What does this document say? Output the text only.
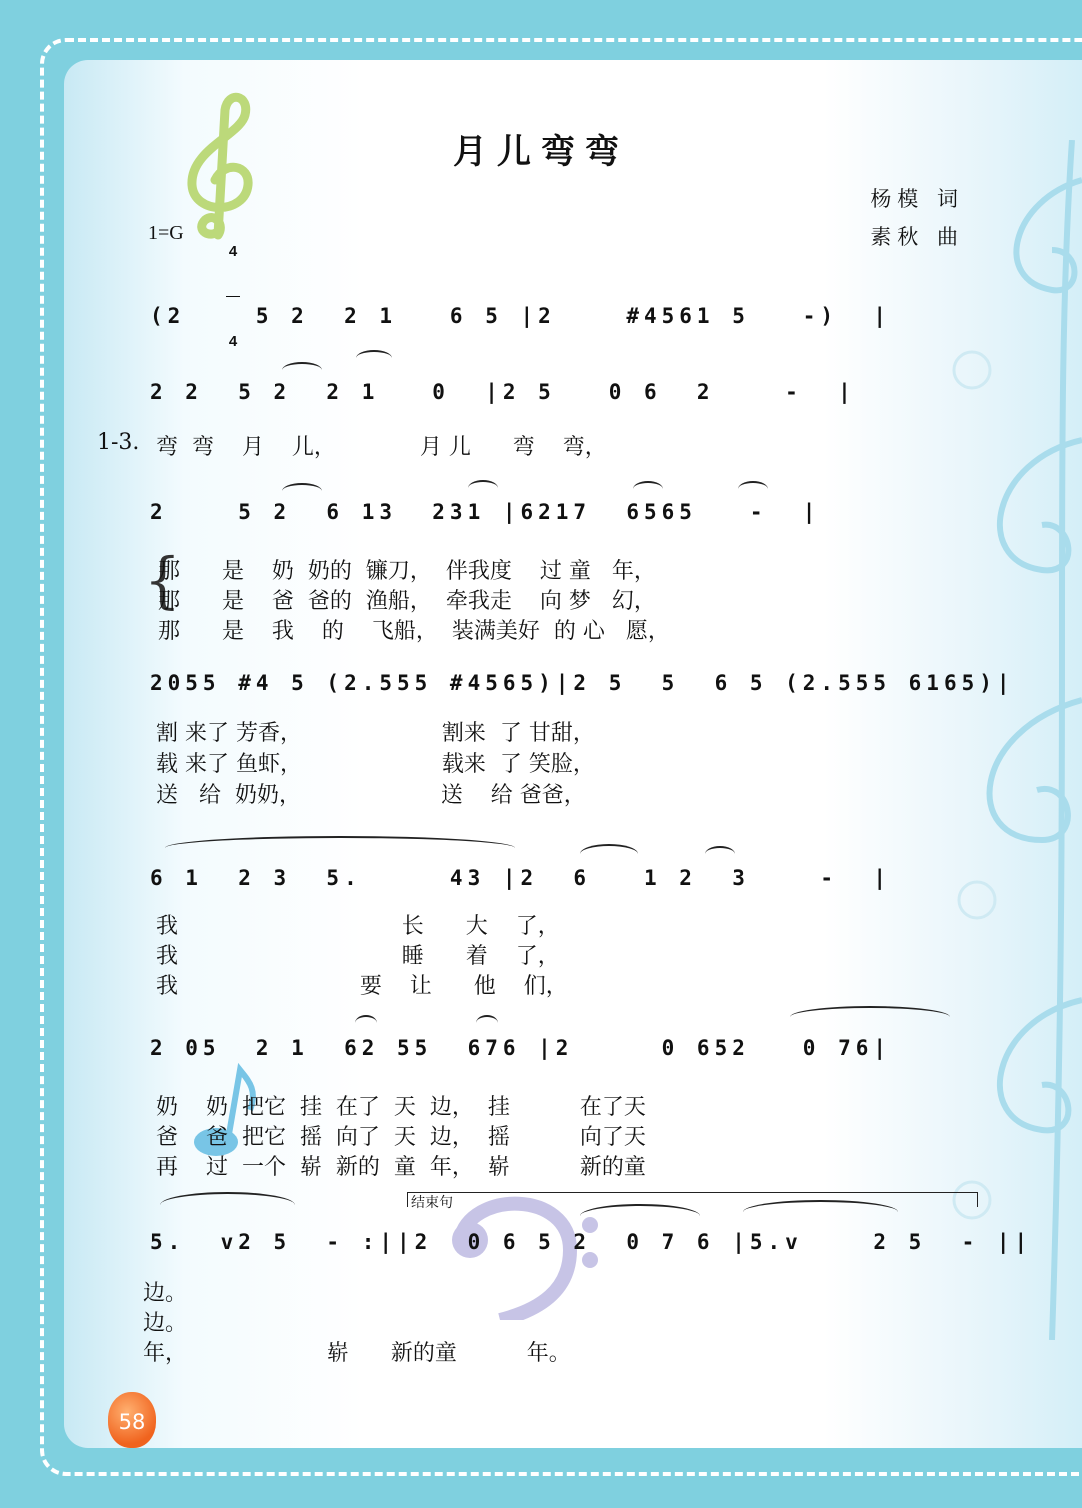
月儿弯弯
杨模 词
素秋 曲
1=G

4

4

结束句
(2    5 2  2 1   6 5 |2    #4561 5   -)  |
2 2  5 2  2 1   0  |2 5   0 6  2    -  |
1-3. 弯  弯    月    儿，            月 儿      弯    弯，
2    5 2  6 13  231 |6217  6565   -  |
{
那      是    奶  奶的  镰刀，  伴我度    过 童   年，
那      是    爸  爸的  渔船，  牵我走    向 梦   幻，
那      是    我    的    飞船，  装满美好  的 心   愿，
2055 #4 5 (2.555 #4565)|2 5  5  6 5 (2.555 6165)|
割 来了 芳香，                    割来  了 甘甜，
载 来了 鱼虾，                    载来  了 笑脸，
送   给  奶奶，                    送    给 爸爸，
6 1  2 3  5.     43 |2  6   1 2  3    -  |
我                                长      大    了，
我                                睡      着    了，
我                          要    让      他    们，
2 05  2 1  62 55  676 |2     0 652   0 76|
奶    奶  把它  挂  在了  天  边，  挂          在了天
爸    爸  把它  摇  向了  天  边，  摇          向了天
再    过  一个  崭  新的  童  年，  崭          新的童
5.  v2 5  - :||2  0 6 5 2  0 7 6 |5.v    2 5  - ||
边。
边。
年，                    崭      新的童          年。
58
